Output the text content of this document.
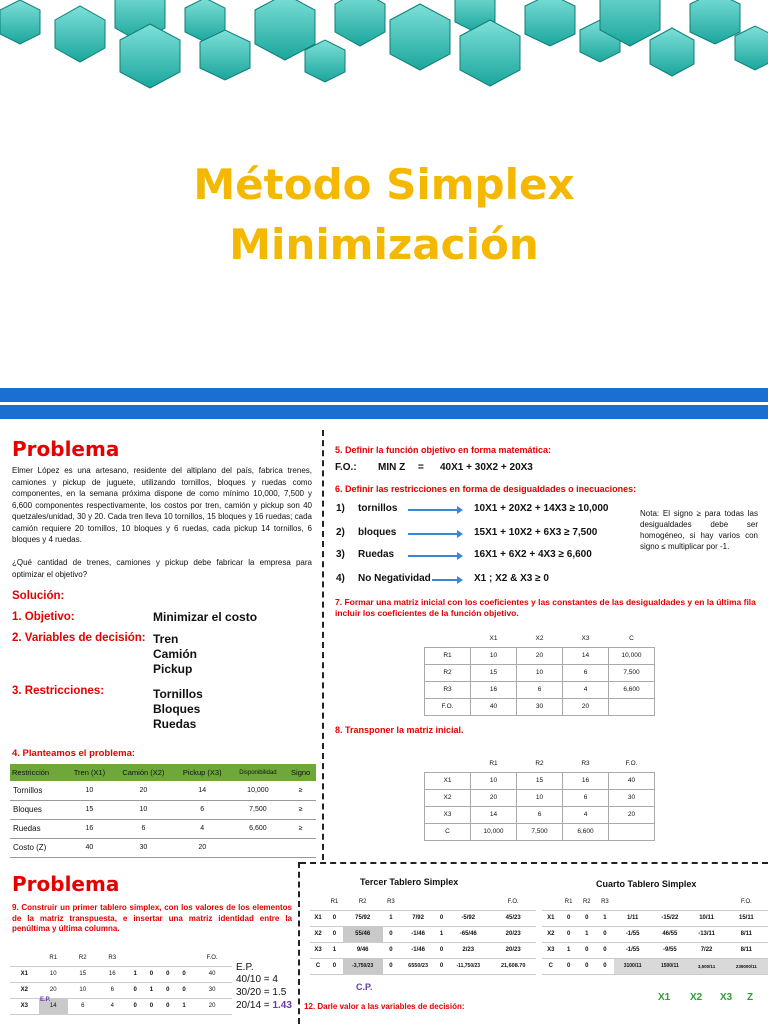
Método Simplex
Minimización
Problema
Elmer López es una artesano, residente del altiplano del país, fabrica trenes, camiones y pickup de juguete, utilizando tornillos, bloques y ruedas como componentes, en la semana próxima dispone de como mínimo 10,000, 7,500 y 6,600 componentes respectivamente, los costos por tren, camión y pickup son 40 quetzales/unidad, 30 y 20. Cada tren lleva 10 tornillos, 15 bloques y 16 ruedas; cada camión requiere 20 tornillos, 10 bloques y 6 ruedas, cada pickup 14 tornillos, 6 bloques y 4 ruedas.
¿Qué cantidad de trenes, camiones y pickup debe fabricar la empresa para optimizar el objetivo?
Solución:
1. Objetivo:	Minimizar el costo
2. Variables de decisión: Tren
Camión
Pickup
3. Restricciones:	Tornillos
Bloques
Ruedas
4. Planteamos el problema:
Restricción	Tren (X1)	Camión (X2)	Pickup (X3)	Disponibilidad	Signo
Tornillos	10	20	14	10,000	≥
Bloques	15	10	6	7,500	≥
Ruedas	16	6	4	6,600	≥
Costo (Z)	40	30	20		
5. Definir la función objetivo en forma matemática:
F.O.: MIN Z = 40X1 + 30X2 + 20X3
6. Definir las restricciones en forma de desigualdades o inecuaciones:
1) tornillos	10X1 + 20X2 + 14X3 ≥ 10,000
2) bloques	15X1 + 10X2 + 6X3 ≥ 7,500
3) Ruedas	16X1 + 6X2 + 4X3 ≥ 6,600
4) No Negatividad	X1 ; X2 & X3 ≥ 0
Nota: El signo ≥ para todas las desigualdades debe ser homogéneo, si hay varios con signo ≤ multiplicar por -1.
7. Formar una matriz inicial con los coeficientes y las constantes de las desigualdades y en la última fila incluir los coeficientes de la función objetivo.
	X1	X2	X3	C
R1	10	20	14	10,000
R2	15	10	6	7,500
R3	16	6	4	6,600
F.O.	40	30	20	
8. Transponer la matriz inicial.
	R1	R2	R3	F.O.
X1	10	15	16	40
X2	20	10	6	30
X3	14	6	4	20
C	10,000	7,500	6,600	
Problema
9. Construir un primer tablero simplex, con los valores de los elementos de la matriz transpuesta, e insertar una matriz identidad entre la penúltima y última columna.
	R1	R2	R3					F.O.
X1	10	15	16	1	0	0	0	40
X2	20	10	6	0	1	0	0	30
X3	14	6	4	0	0	0	1	20
E.P.
E.P.
40/10 = 4
30/20 = 1.5
20/14 = 1.43
Tercer Tablero Simplex
	R1	R2	R3				F.O.
X1	0	75/92	1	7/92	0	-5/92	45/23
X2	0	55/46	0	-1/46	1	-65/46	20/23
X3	1	9/46	0	-1/46	0	2/23	20/23
C	0	-3,750/23	0	6550/23	0	-11,750/23	21,608.70
C.P.
Cuarto Tablero Simplex
	R1	R2	R3				F.O.
X1	0	0	1	1/11	-15/22	10/11	15/11
X2	0	1	0	-1/55	46/55	-13/11	8/11
X3	1	0	0	-1/55	-9/55	7/22	8/11
C	0	0	0	3100/11	1500/11	3,500/11	239000/11
X1 X2 X3 Z
12. Darle valor a las variables de decisión:
